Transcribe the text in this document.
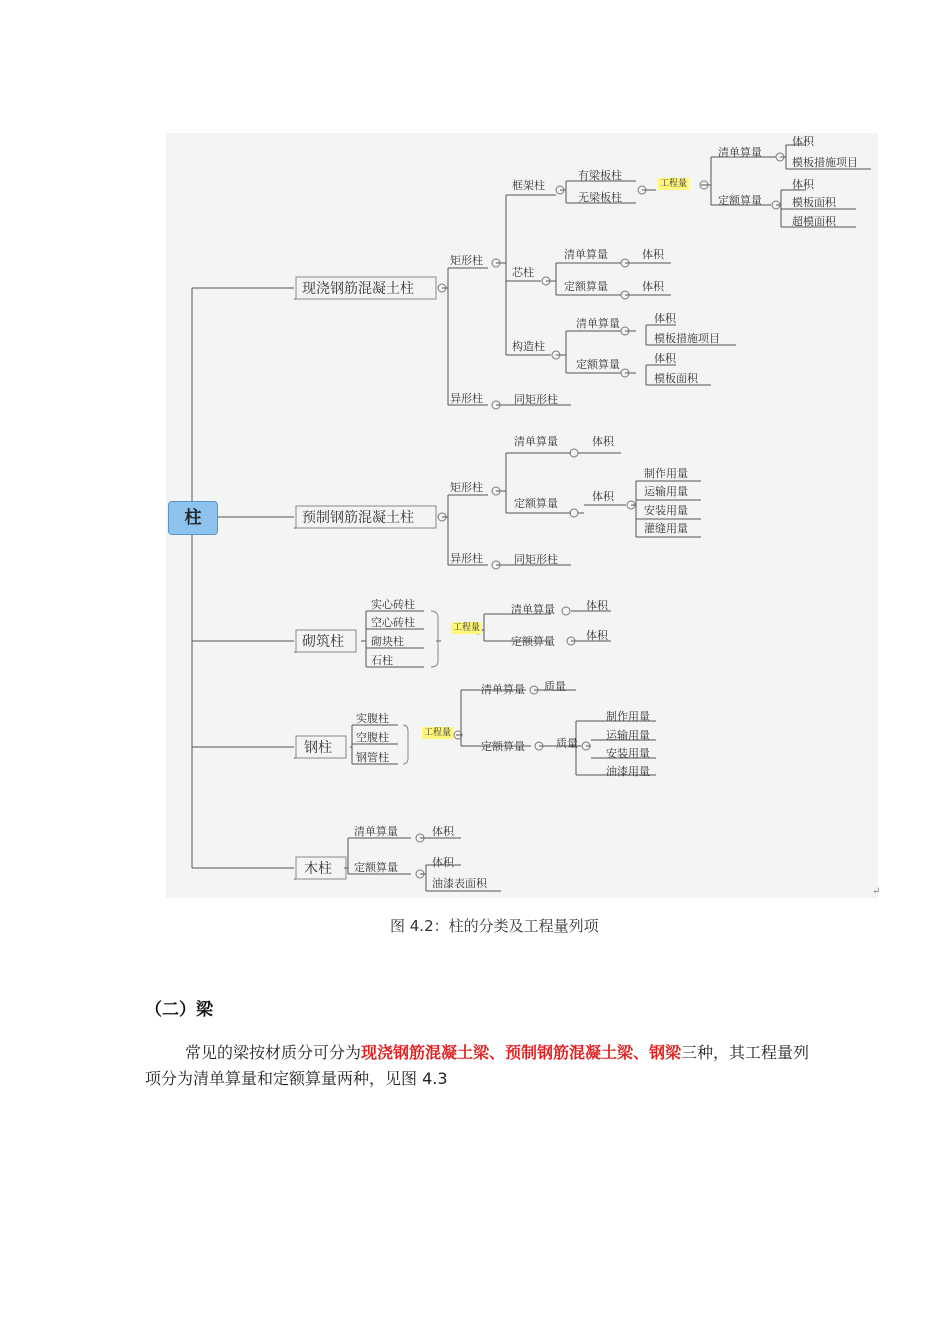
柱
现浇钢筋混凝土柱
预制钢筋混凝土柱
砌筑柱
钢柱
木柱
矩形柱
异形柱	同矩形柱
框架柱
芯柱
构造柱
有梁板柱
无梁板柱
工程量
清单算量
定额算量
体积
模板措施项目
体积
模板面积
超模面积
清单算量
定额算量
体积
体积
清单算量
定额算量
体积
模板措施项目
体积
模板面积
矩形柱
异形柱	同矩形柱
清单算量
定额算量
体积
体积
制作用量
运输用量
安装用量
灌缝用量
实心砖柱
空心砖柱
砌块柱
石柱
工程量
清单算量
定额算量
体积
体积
实腹柱
空腹柱
钢管柱
工程量
清单算量
定额算量
质量
质量
制作用量
运输用量
安装用量
油漆用量
清单算量
定额算量
体积
体积
油漆表面积
↵
图 4.2：柱的分类及工程量列项
（二）梁
常见的梁按材质分可分为现浇钢筋混凝土梁、预制钢筋混凝土梁、钢梁三种，其工程量列项分为清单算量和定额算量两种，见图 4.3
